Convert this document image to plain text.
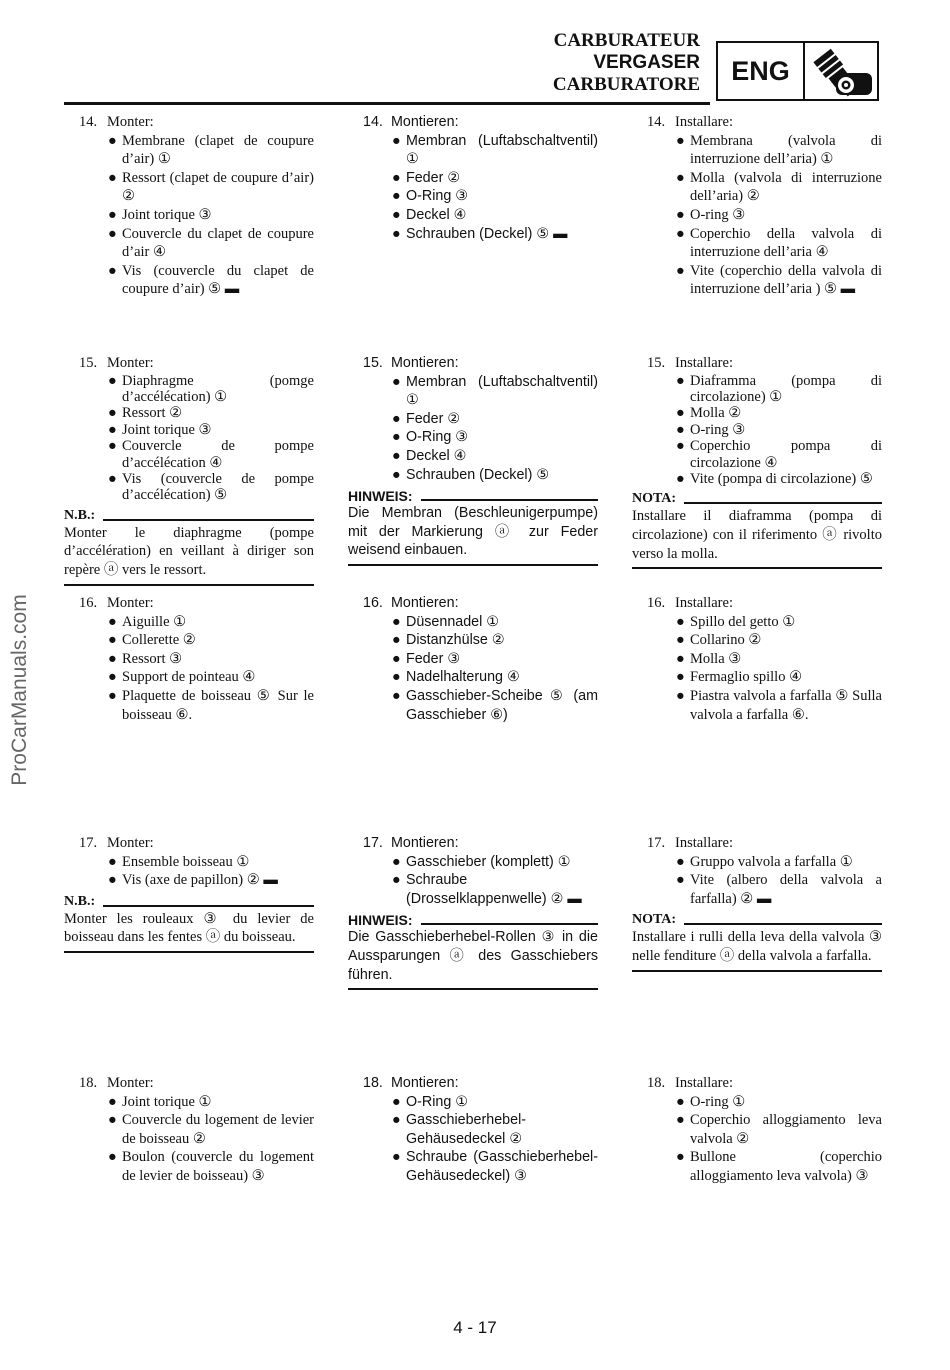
CARBURATEUR
VERGASER
CARBURATORE	ENG
ProCarManuals.com
14. Monter:
● Membrane (clapet de coupure d’air) ①
● Ressort (clapet de coupure d’air) ②
● Joint torique ③
● Couvercle du clapet de coupure d’air ④
● Vis (couvercle du clapet de coupure d’air) ⑤ ▬
14. Montieren:
● Membran (Luftabschaltventil) ①
● Feder ②
● O-Ring ③
● Deckel ④
● Schrauben (Deckel) ⑤ ▬
14. Installare:
● Membrana (valvola di interruzione dell’aria) ①
● Molla (valvola di interruzione dell’aria) ②
● O-ring ③
● Coperchio della valvola di interruzione dell’aria ④
● Vite (coperchio della valvola di interruzione dell’aria ) ⑤ ▬
15. Monter:
● Diaphragme (pomge d’accélécation) ①
● Ressort ②
● Joint torique ③
● Couvercle de pompe d’accélécation ④
● Vis (couvercle de pompe d’accélécation) ⑤
N.B.:
Monter le diaphragme (pompe d’accélération) en veillant à diriger son repère ⓐ vers le ressort.
15. Montieren:
● Membran (Luftabschaltventil) ①
● Feder ②
● O-Ring ③
● Deckel ④
● Schrauben (Deckel) ⑤
HINWEIS:
Die Membran (Beschleunigerpumpe) mit der Markierung ⓐ zur Feder weisend einbauen.
15. Installare:
● Diaframma (pompa di circolazione) ①
● Molla ②
● O-ring ③
● Coperchio pompa di circolazione ④
● Vite (pompa di circolazione) ⑤
NOTA:
Installare il diaframma (pompa di circolazione) con il riferimento ⓐ rivolto verso la molla.
16. Monter:
● Aiguille ①
● Collerette ②
● Ressort ③
● Support de pointeau ④
● Plaquette de boisseau ⑤ Sur le boisseau ⑥.
16. Montieren:
● Düsennadel ①
● Distanzhülse ②
● Feder ③
● Nadelhalterung ④
● Gasschieber-Scheibe ⑤ (am Gasschieber ⑥)
16. Installare:
● Spillo del getto ①
● Collarino ②
● Molla ③
● Fermaglio spillo ④
● Piastra valvola a farfalla ⑤ Sulla valvola a farfalla ⑥.
17. Monter:
● Ensemble boisseau ①
● Vis (axe de papillon) ② ▬
N.B.:
Monter les rouleaux ③ du levier de boisseau dans les fentes ⓐ du boisseau.
17. Montieren:
● Gasschieber (komplett) ①
● Schraube (Drosselklappenwelle) ② ▬
HINWEIS:
Die Gasschieberhebel-Rollen ③ in die Aussparungen ⓐ des Gasschiebers führen.
17. Installare:
● Gruppo valvola a farfalla ①
● Vite (albero della valvola a farfalla) ② ▬
NOTA:
Installare i rulli della leva della valvola ③ nelle fenditure ⓐ della valvola a farfalla.
18. Monter:
● Joint torique ①
● Couvercle du logement de levier de boisseau ②
● Boulon (couvercle du logement de levier de boisseau) ③
18. Montieren:
● O-Ring ①
● Gasschieberhebel-Gehäusedeckel ②
● Schraube (Gasschieberhebel-Gehäusedeckel) ③
18. Installare:
● O-ring ①
● Coperchio alloggiamento leva valvola ②
● Bullone (coperchio alloggiamento leva valvola) ③
4 - 17
